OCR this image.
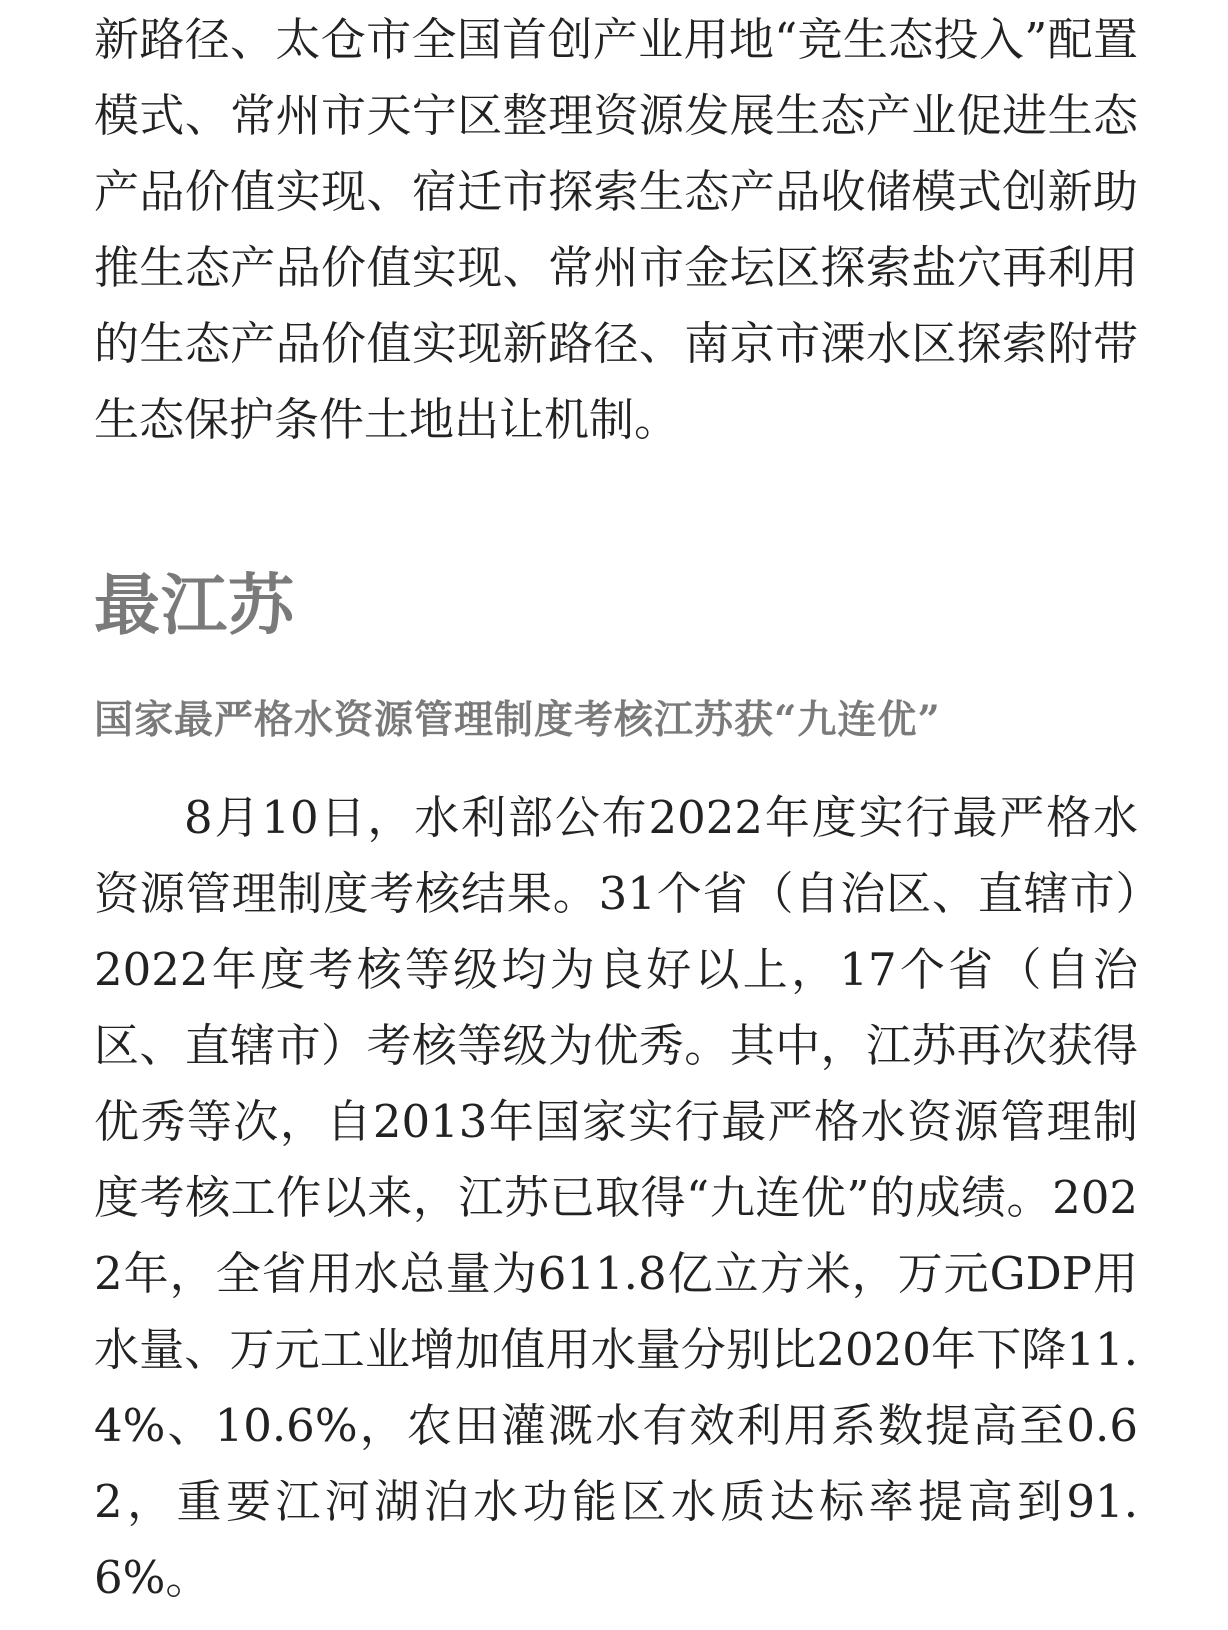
新路径、太仓市全国首创产业用地“竞生态投入”配置模式、常州市天宁区整理资源发展生态产业促进生态产品价值实现、宿迁市探索生态产品收储模式创新助推生态产品价值实现、常州市金坛区探索盐穴再利用的生态产品价值实现新路径、南京市溧水区探索附带生态保护条件土地出让机制。

最江苏
国家最严格水资源管理制度考核江苏获“九连优”

8月10日，水利部公布2022年度实行最严格水资源管理制度考核结果。31个省（自治区、直辖市）2022年度考核等级均为良好以上，17个省（自治区、直辖市）考核等级为优秀。其中，江苏再次获得优秀等次，自2013年国家实行最严格水资源管理制度考核工作以来，江苏已取得“九连优”的成绩。2022年，全省用水总量为611.8亿立方米，万元GDP用水量、万元工业增加值用水量分别比2020年下降11.4%、10.6%，农田灌溉水有效利用系数提高至0.62，重要江河湖泊水功能区水质达标率提高到91.6%。
